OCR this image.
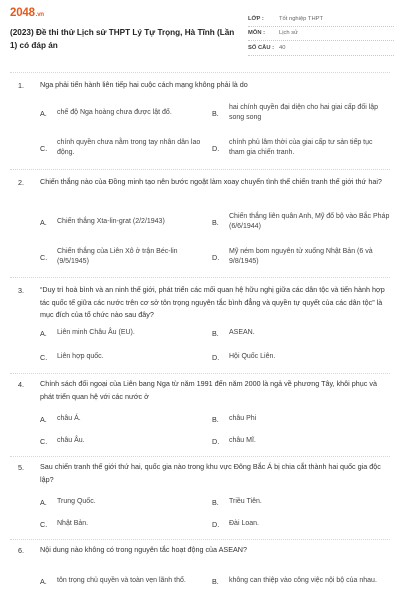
2048.vn
(2023) Đề thi thử Lịch sử THPT Lý Tự Trọng, Hà Tĩnh (Lần 1) có đáp án
LỚP :	Tốt nghiệp THPT
MÔN :	Lịch sử
SỐ CÂU : 40
1. Nga phải tiến hành liên tiếp hai cuộc cách mạng không phải là do
A.	chế độ Nga hoàng chưa được lật đổ.	B.
hai chính quyền đại diện cho hai giai cấp đối lập song song
C.
chính quyền chưa nằm trong tay nhân dân lao động.	D.
chính phủ lâm thời của giai cấp tư sản tiếp tục tham gia chiến tranh.
2. Chiến thắng nào của Đồng minh tạo nên bước ngoặt làm xoay chuyển tình thế chiến tranh thế giới thứ hai?
A.	Chiến thắng Xta-lin-grat (2/2/1943)	B.
Chiến thắng liên quân Anh, Mỹ đổ bộ vào Bắc Pháp (6/6/1944)
C.
Chiến thắng của Liên Xô ở trận Béc-lin (9/5/1945)	D.
Mỹ ném bom nguyên tử xuống Nhật Bản (6 và 9/8/1945)
3. “Duy trì hoà bình và an ninh thế giới, phát triển các mối quan hệ hữu nghị giữa các dân tộc và tiến hành hợp tác quốc tế giữa các nước trên cơ sở tôn trọng nguyên tắc bình đẳng và quyền tự quyết của các dân tộc” là mục đích của tổ chức nào sau đây?
A.	Liên minh Châu Âu (EU).	B.	ASEAN.
C.	Liên hợp quốc.	D.	Hội Quốc Liên.
4. Chính sách đối ngoại của Liên bang Nga từ năm 1991 đến năm 2000 là ngả về phương Tây, khôi phục và phát triển quan hệ với các nước ở
A.	châu Á.	B.	châu Phi
C.	châu Âu.	D.	châu Mĩ.
5. Sau chiến tranh thế giới thứ hai, quốc gia nào trong khu vực Đông Bắc Á bị chia cắt thành hai quốc gia độc lập?
A.	Trung Quốc.	B.	Triều Tiên.
C.	Nhật Bản.	D.	Đài Loan.
6. Nội dung nào không có trong nguyên tắc hoạt động của ASEAN?
A.	tôn trọng chủ quyền và toàn vẹn lãnh thổ.	B.	không can thiệp vào công việc nội bộ của nhau.
